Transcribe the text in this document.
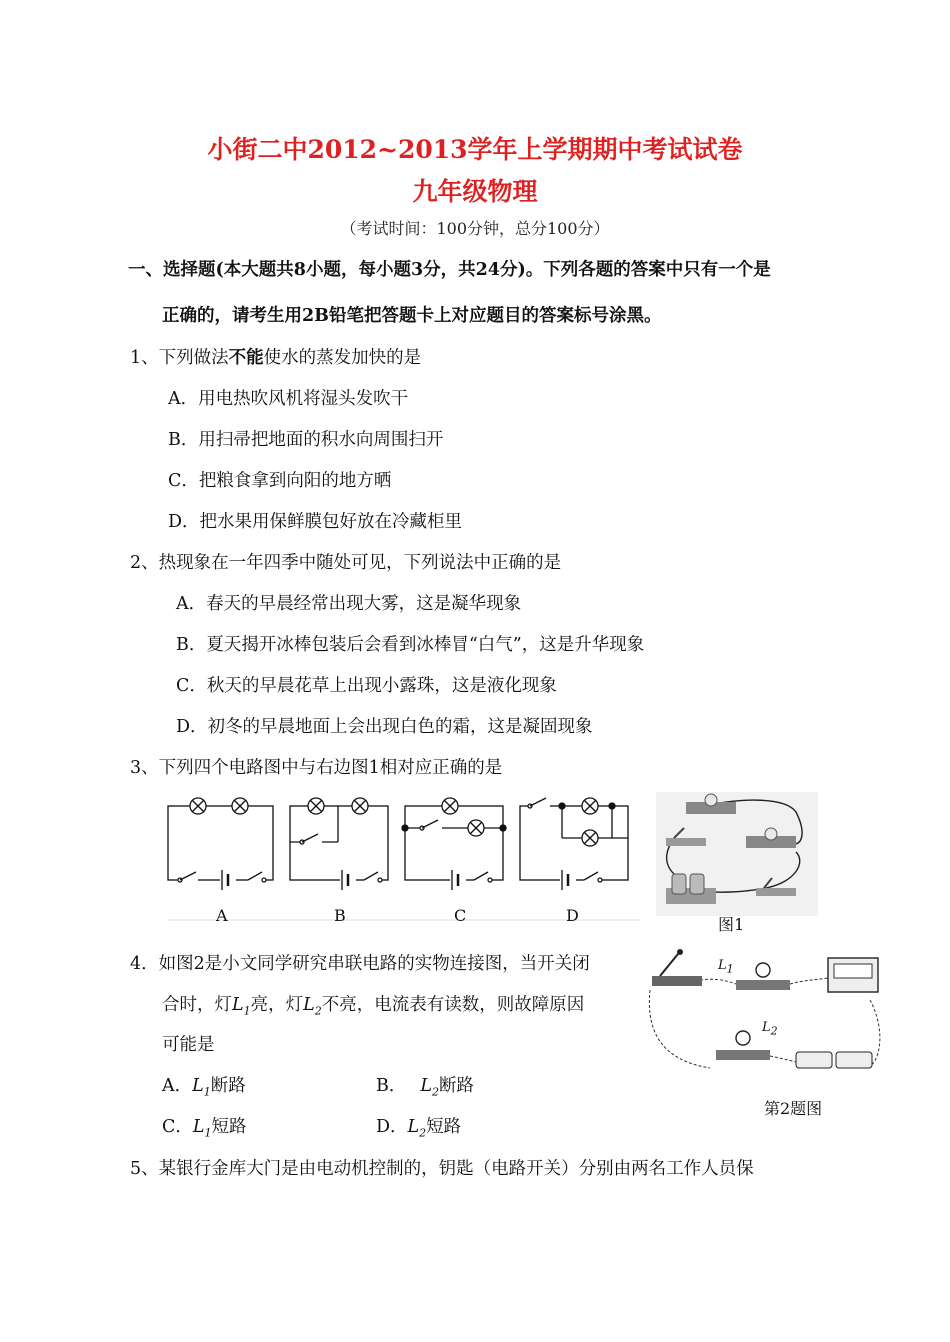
小街二中2012~2013学年上学期期中考试试卷
九年级物理
（考试时间：100分钟，总分100分）
一、选择题(本大题共8小题，每小题3分，共24分)。下列各题的答案中只有一个是
正确的，请考生用2B铅笔把答题卡上对应题目的答案标号涂黑。
1、下列做法不能使水的蒸发加快的是
A．用电热吹风机将湿头发吹干
B．用扫帚把地面的积水向周围扫开
C．把粮食拿到向阳的地方晒
D．把水果用保鲜膜包好放在冷藏柜里
2、热现象在一年四季中随处可见，下列说法中正确的是
A．春天的早晨经常出现大雾，这是凝华现象
B．夏天揭开冰棒包装后会看到冰棒冒“白气”，这是升华现象
C．秋天的早晨花草上出现小露珠，这是液化现象
D．初冬的早晨地面上会出现白色的霜，这是凝固现象
3、下列四个电路图中与右边图1相对应正确的是
A	B	C	D	图1
4．如图2是小文同学研究串联电路的实物连接图，当开关闭
合时，灯$L_1$亮，灯$L_2$不亮，电流表有读数，则故障原因
可能是
A．$L_1$断路	B． $L_2$断路
C．$L_1$短路	D．$L_2$短路
$L_1$
$L_2$
第2题图
5、某银行金库大门是由电动机控制的，钥匙（电路开关）分别由两名工作人员保
